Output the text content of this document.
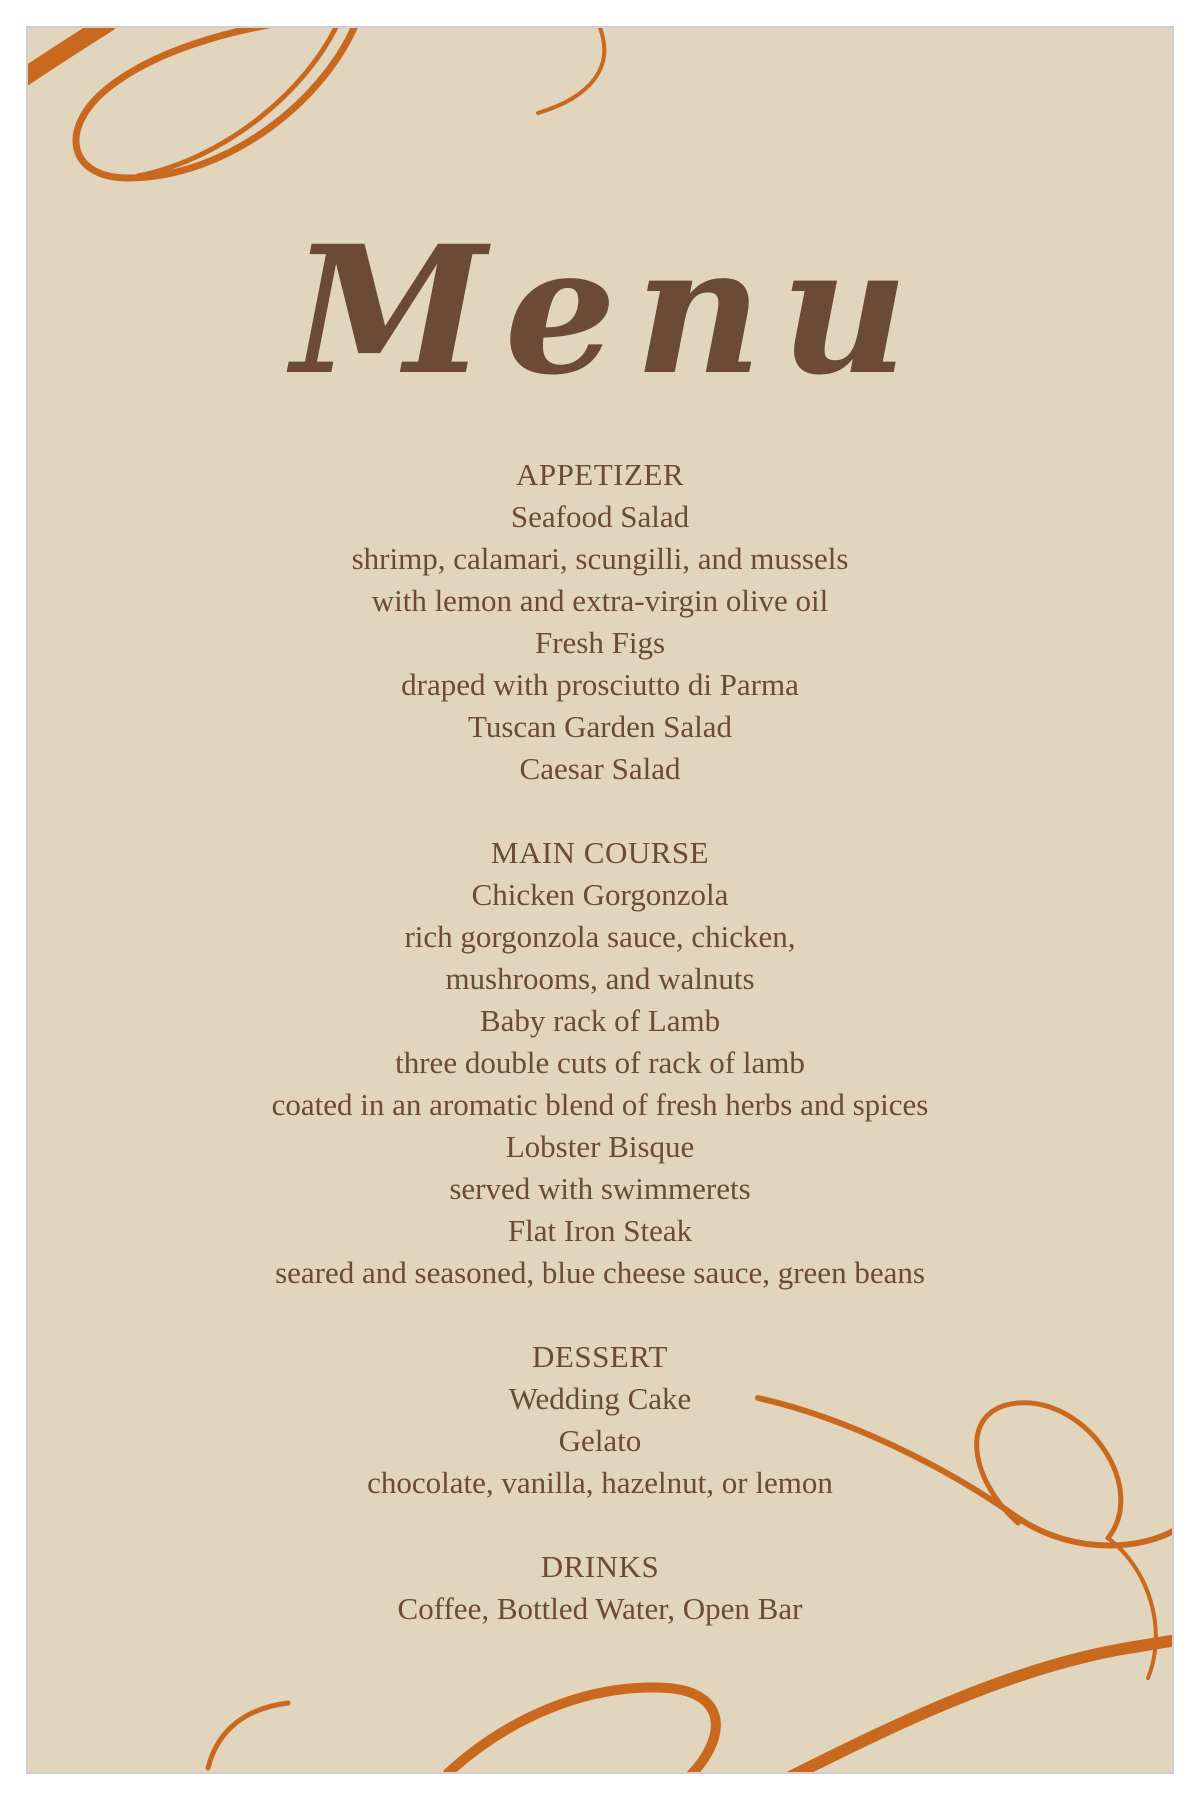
Menu

APPETIZER

Seafood Salad

shrimp, calamari, scungilli, and mussels

with lemon and extra-virgin olive oil

Fresh Figs

draped with prosciutto di Parma

Tuscan Garden Salad

Caesar Salad

MAIN COURSE

Chicken Gorgonzola

rich gorgonzola sauce, chicken,

mushrooms, and walnuts

Baby rack of Lamb

three double cuts of rack of lamb

coated in an aromatic blend of fresh herbs and spices

Lobster Bisque

served with swimmerets

Flat Iron Steak

seared and seasoned, blue cheese sauce, green beans

DESSERT

Wedding Cake

Gelato

chocolate, vanilla, hazelnut, or lemon

DRINKS

Coffee, Bottled Water, Open Bar
